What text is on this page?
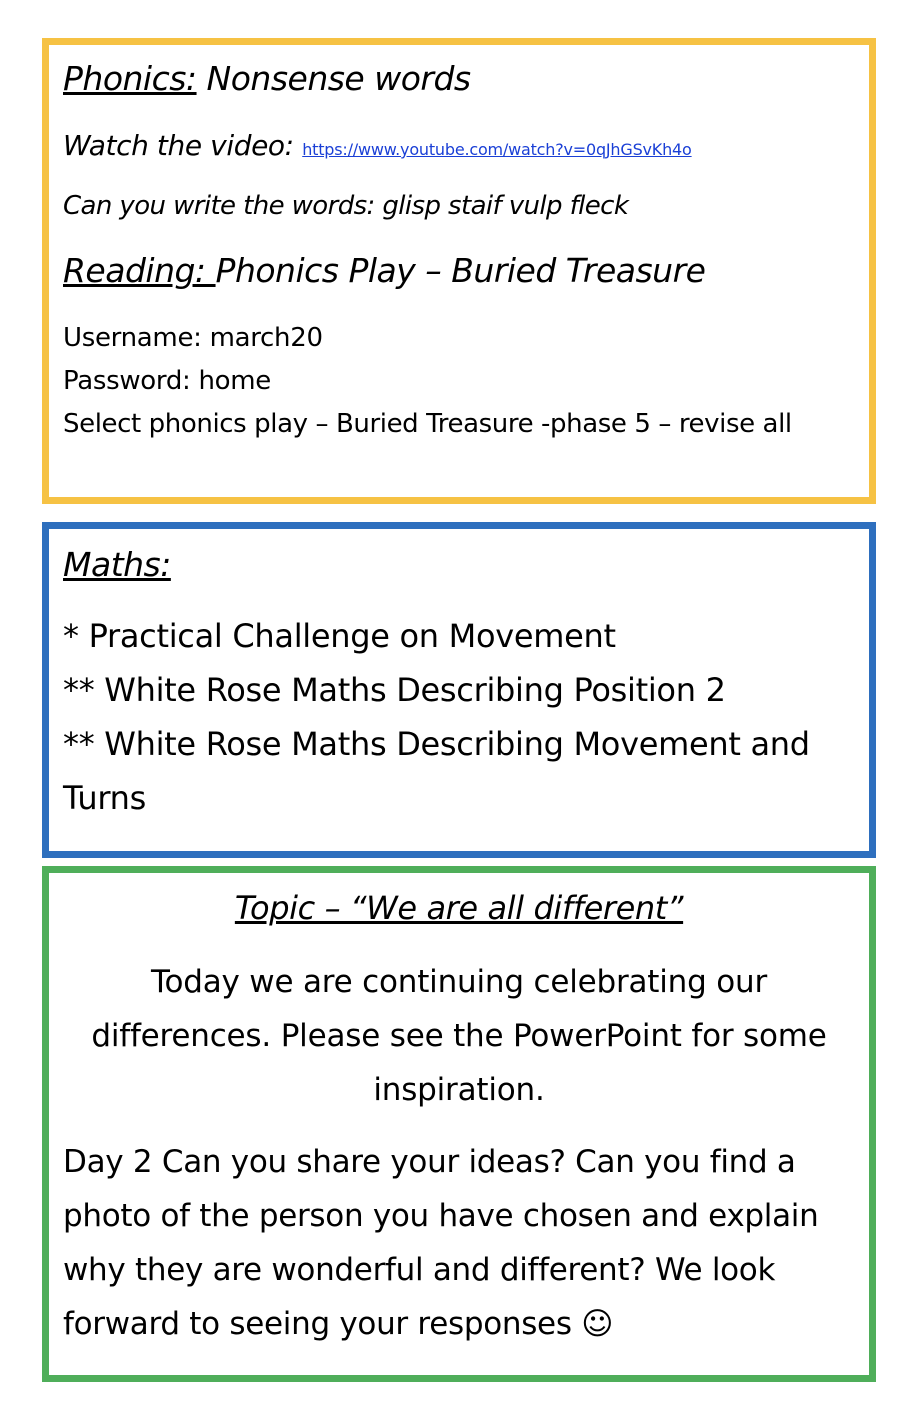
Phonics: Nonsense words
Watch the video: https://www.youtube.com/watch?v=0qJhGSvKh4o
Can you write the words: glisp staif vulp fleck
Reading: Phonics Play – Buried Treasure
Username: march20
Password: home
Select phonics play – Buried Treasure -phase 5 – revise all
Maths:
* Practical Challenge on Movement
** White Rose Maths Describing Position 2
** White Rose Maths Describing Movement and
Turns
Topic – “We are all different”
Today we are continuing celebrating our
differences. Please see the PowerPoint for some
inspiration.
Day 2 Can you share your ideas? Can you find a
photo of the person you have chosen and explain
why they are wonderful and different? We look
forward to seeing your responses ☺
